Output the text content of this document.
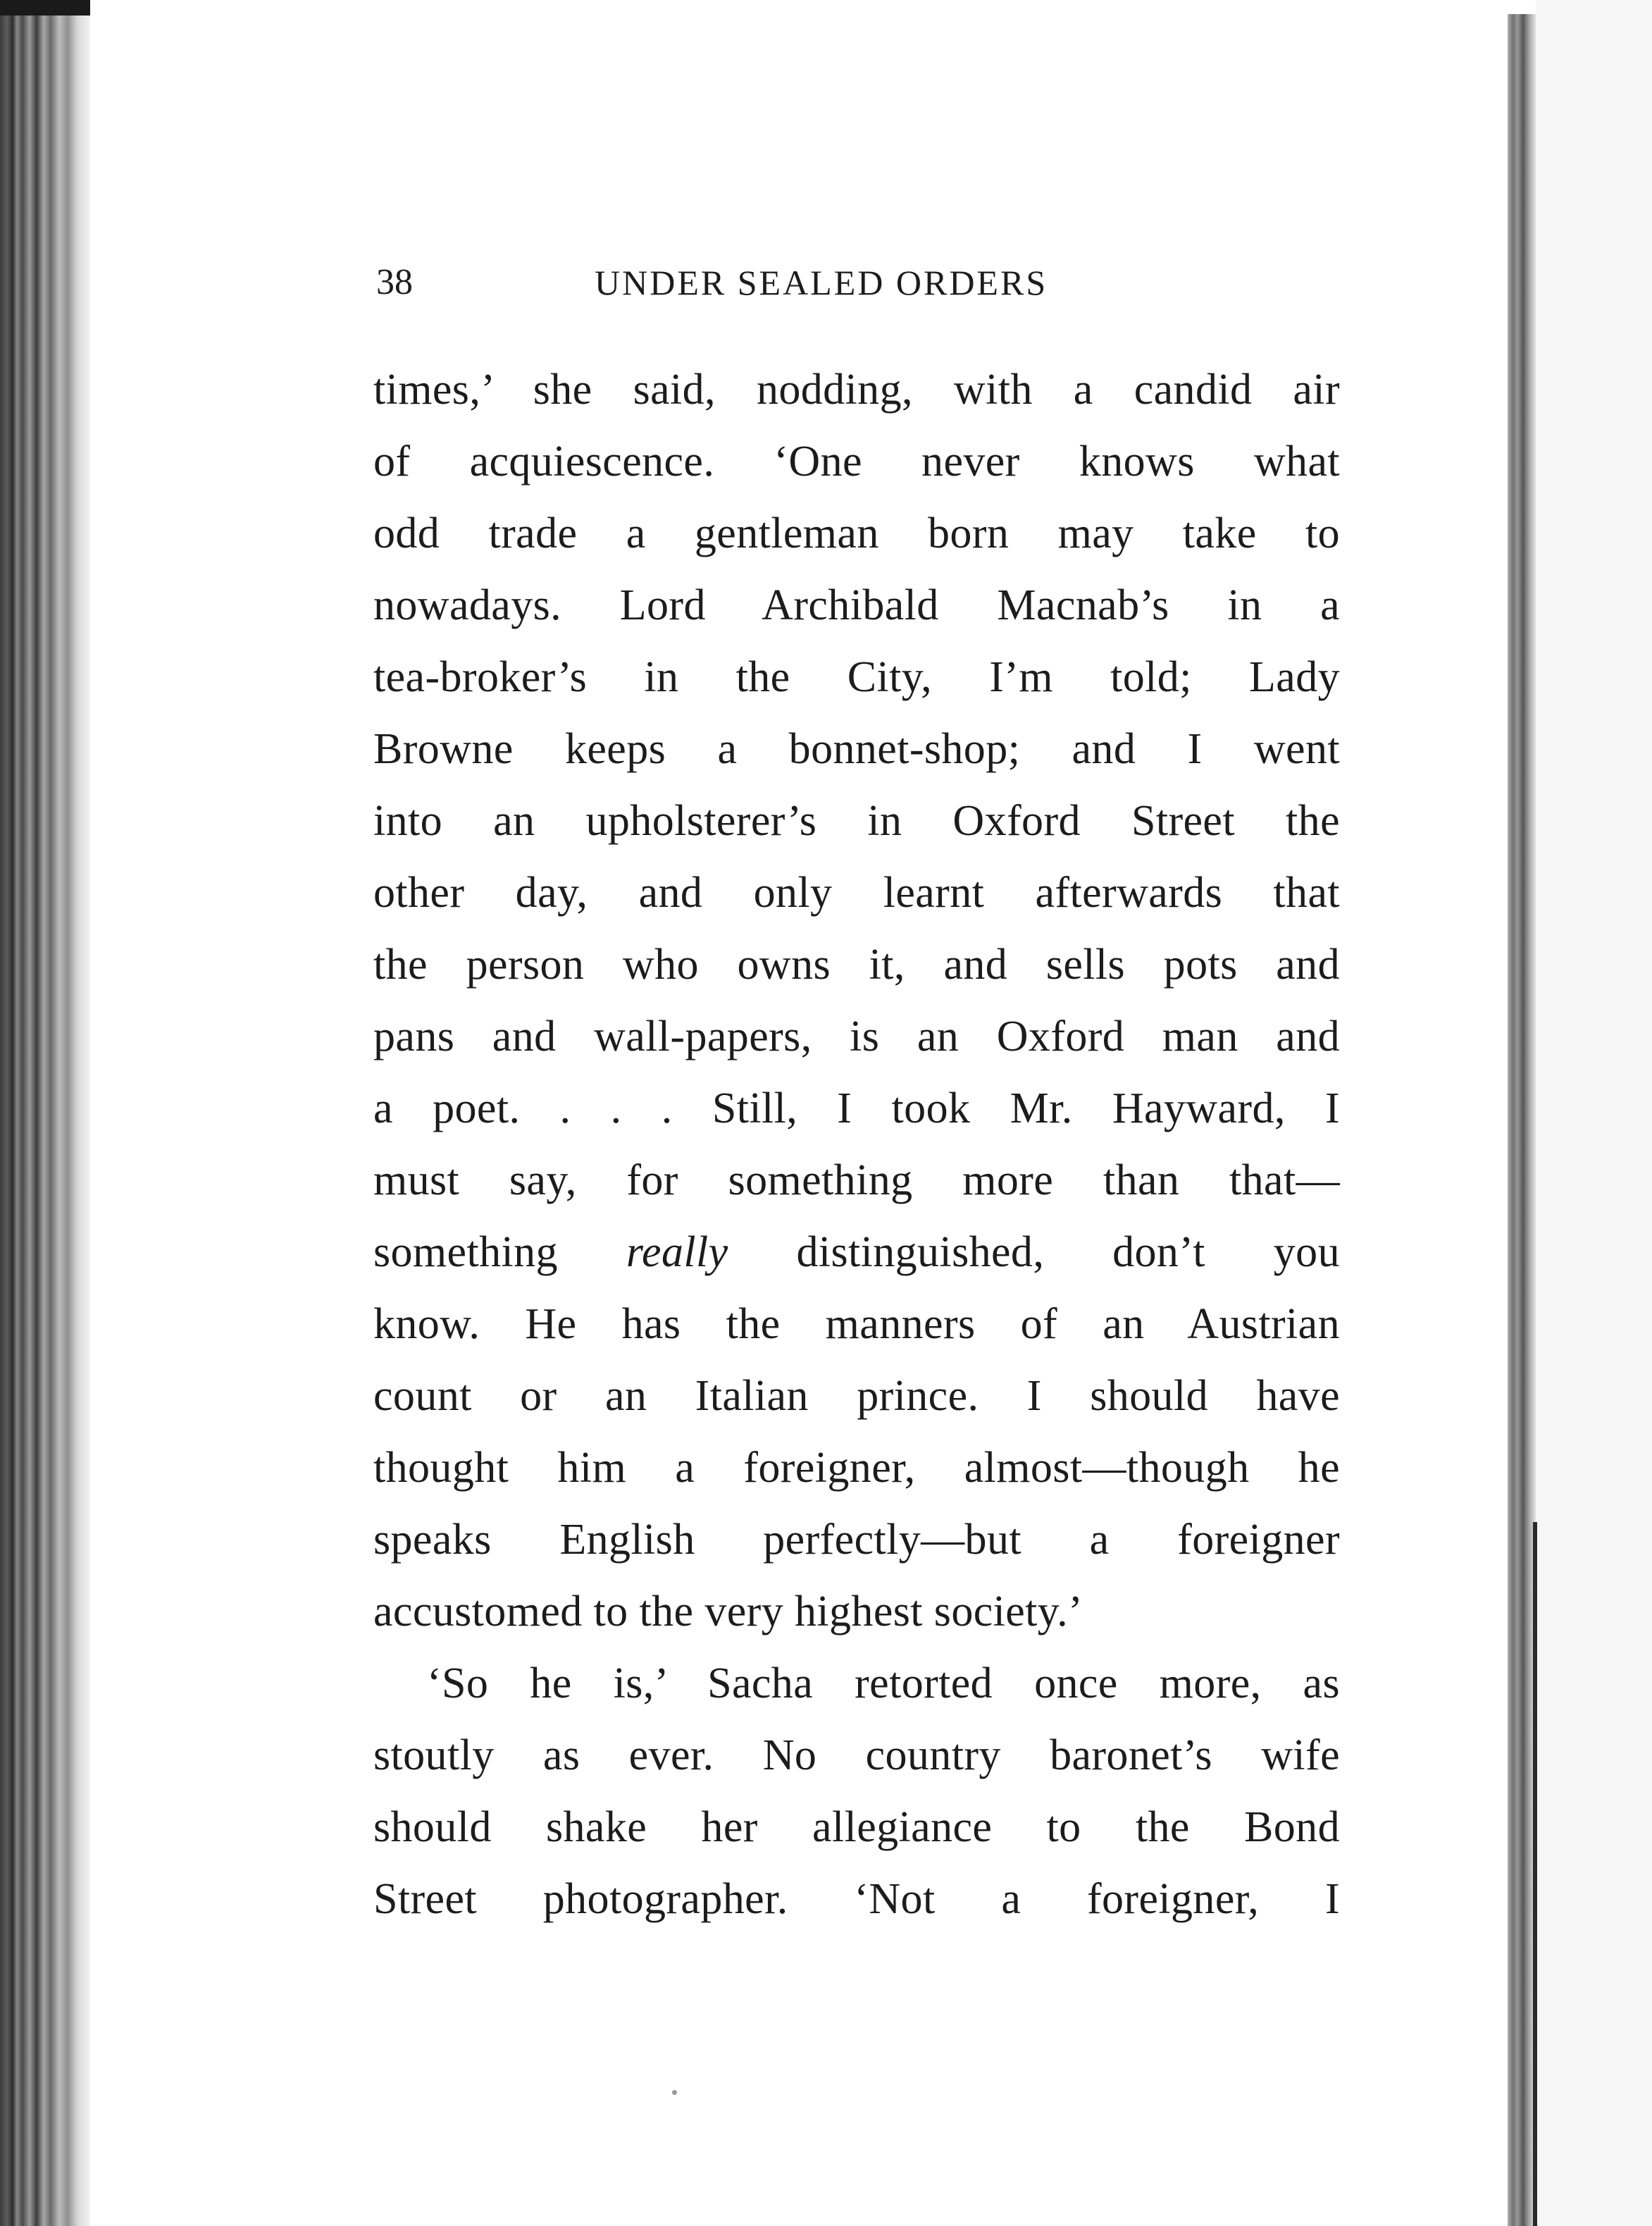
38	UNDER SEALED ORDERS
times,’ she said, nodding, with a candid air
of acquiescence. ‘One never knows what
odd trade a gentleman born may take to
nowadays. Lord Archibald Macnab’s in a
tea-broker’s in the City, I’m told; Lady
Browne keeps a bonnet-shop; and I went
into an upholsterer’s in Oxford Street the
other day, and only learnt afterwards that
the person who owns it, and sells pots and
pans and wall-papers, is an Oxford man and
a poet. . . . Still, I took Mr. Hayward, I
must say, for something more than that—
something really distinguished, don’t you
know. He has the manners of an Austrian
count or an Italian prince. I should have
thought him a foreigner, almost—though he
speaks English perfectly—but a foreigner
accustomed to the very highest society.’
‘So he is,’ Sacha retorted once more, as
stoutly as ever. No country baronet’s wife
should shake her allegiance to the Bond
Street photographer. ‘Not a foreigner, I
